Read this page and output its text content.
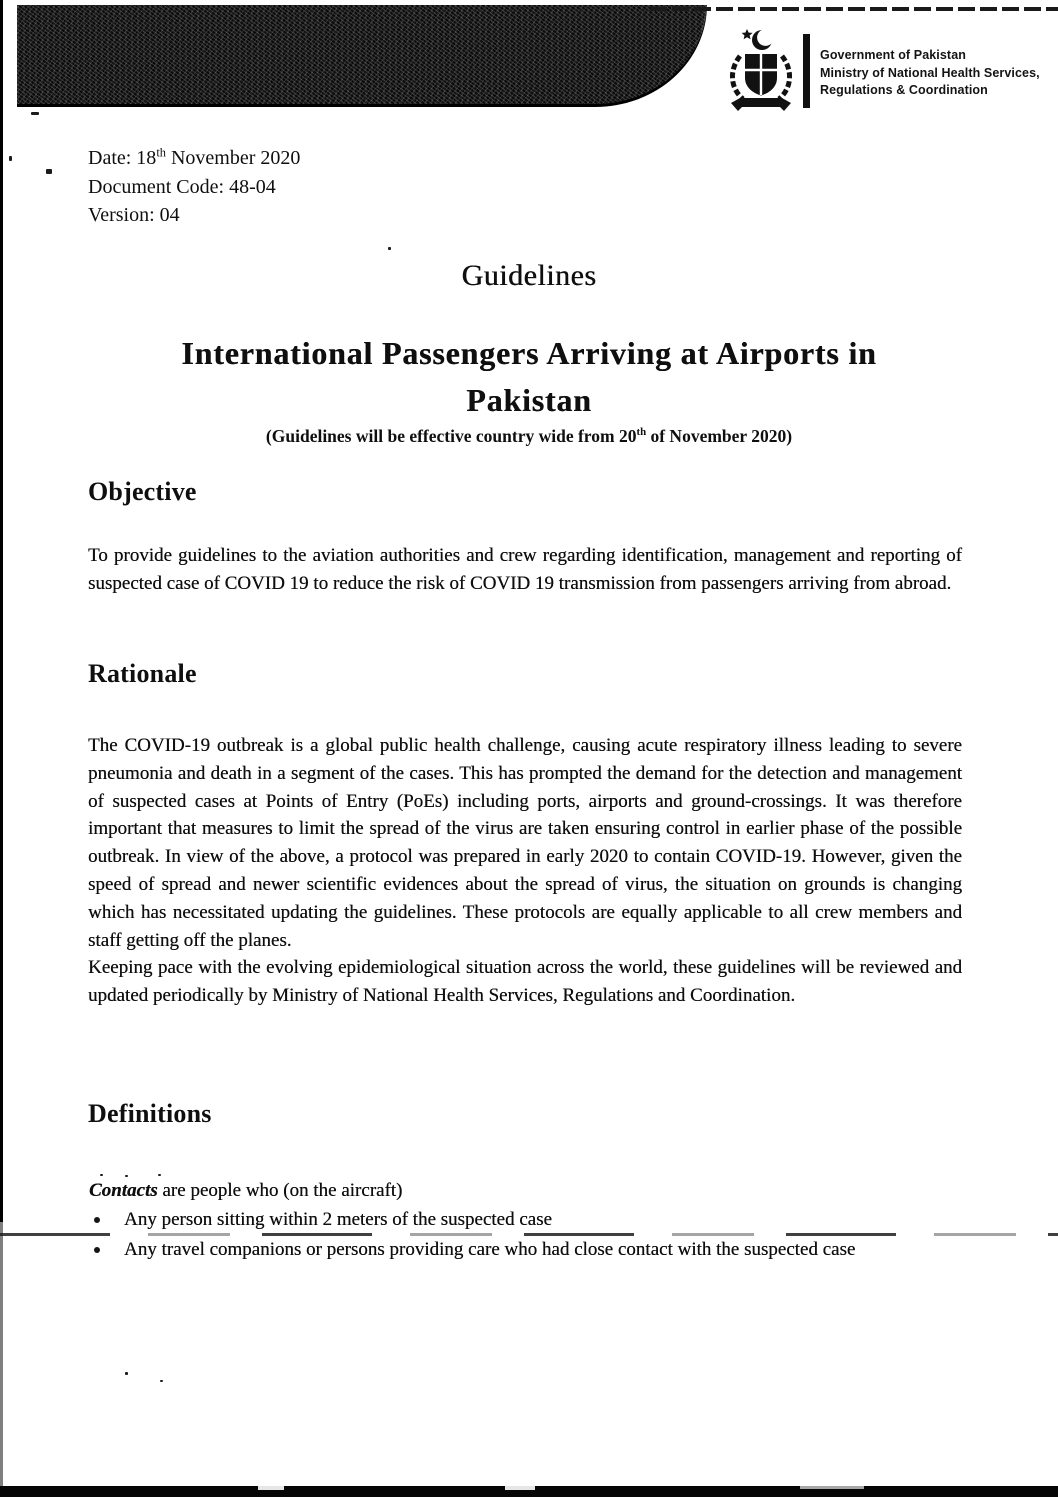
Government of Pakistan
Ministry of National Health Services,
Regulations & Coordination
Date: 18th November 2020
Document Code: 48-04
Version: 04
Guidelines
International Passengers Arriving at Airports in
Pakistan
(Guidelines will be effective country wide from 20th of November 2020)
Objective
To provide guidelines to the aviation authorities and crew regarding identification, management and reporting of suspected case of COVID 19 to reduce the risk of COVID 19 transmission from passengers arriving from abroad.
Rationale

The COVID-19 outbreak is a global public health challenge, causing acute respiratory illness leading to severe pneumonia and death in a segment of the cases. This has prompted the demand for the detection and management of suspected cases at Points of Entry (PoEs) including ports, airports and ground-crossings. It was therefore important that measures to limit the spread of the virus are taken ensuring control in earlier phase of the possible outbreak. In view of the above, a protocol was prepared in early 2020 to contain COVID-19. However, given the speed of spread and newer scientific evidences about the spread of virus, the situation on grounds is changing which has necessitated updating the guidelines. These protocols are equally applicable to all crew members and staff getting off the planes.

Keeping pace with the evolving epidemiological situation across the world, these guidelines will be reviewed and updated periodically by Ministry of National Health Services, Regulations and Coordination.

Definitions
Contacts are people who (on the aircraft)
Any person sitting within 2 meters of the suspected case
Any travel companions or persons providing care who had close contact with the suspected case
